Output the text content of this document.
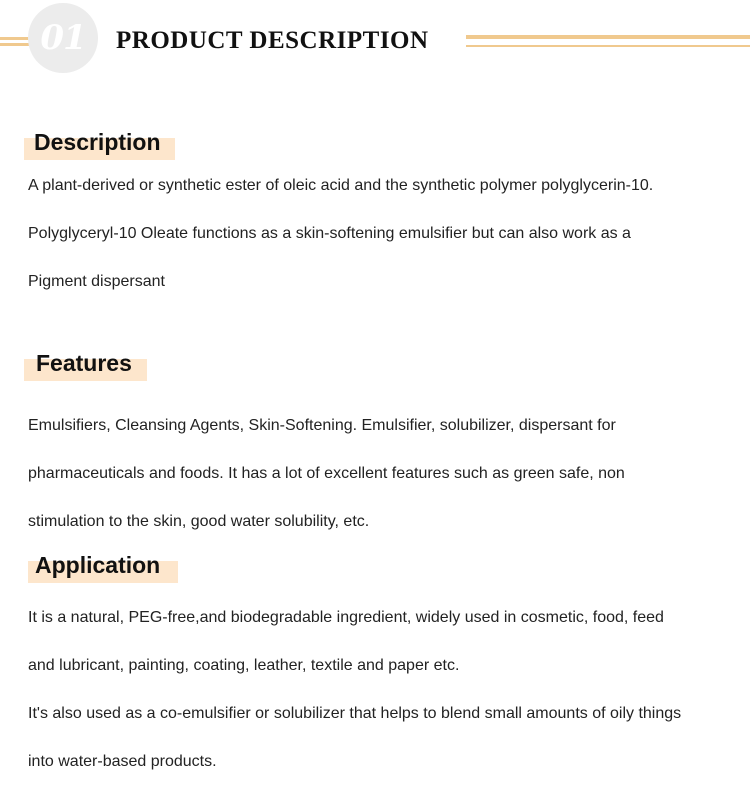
01 PRODUCT DESCRIPTION
Description
A plant-derived or synthetic ester of oleic acid and the synthetic polymer polyglycerin-10.
Polyglyceryl-10 Oleate functions as a skin-softening emulsifier but can also work as a
Pigment dispersant
Features
Emulsifiers, Cleansing Agents, Skin-Softening. Emulsifier, solubilizer, dispersant for
pharmaceuticals and foods. It has a lot of excellent features such as green safe, non
stimulation to the skin, good water solubility, etc.
Application
It is a natural, PEG-free,and biodegradable ingredient, widely used in cosmetic, food, feed
and lubricant, painting, coating, leather, textile and paper etc.
It's also used as a co-emulsifier or solubilizer that helps to blend small amounts of oily things
into water-based products.
